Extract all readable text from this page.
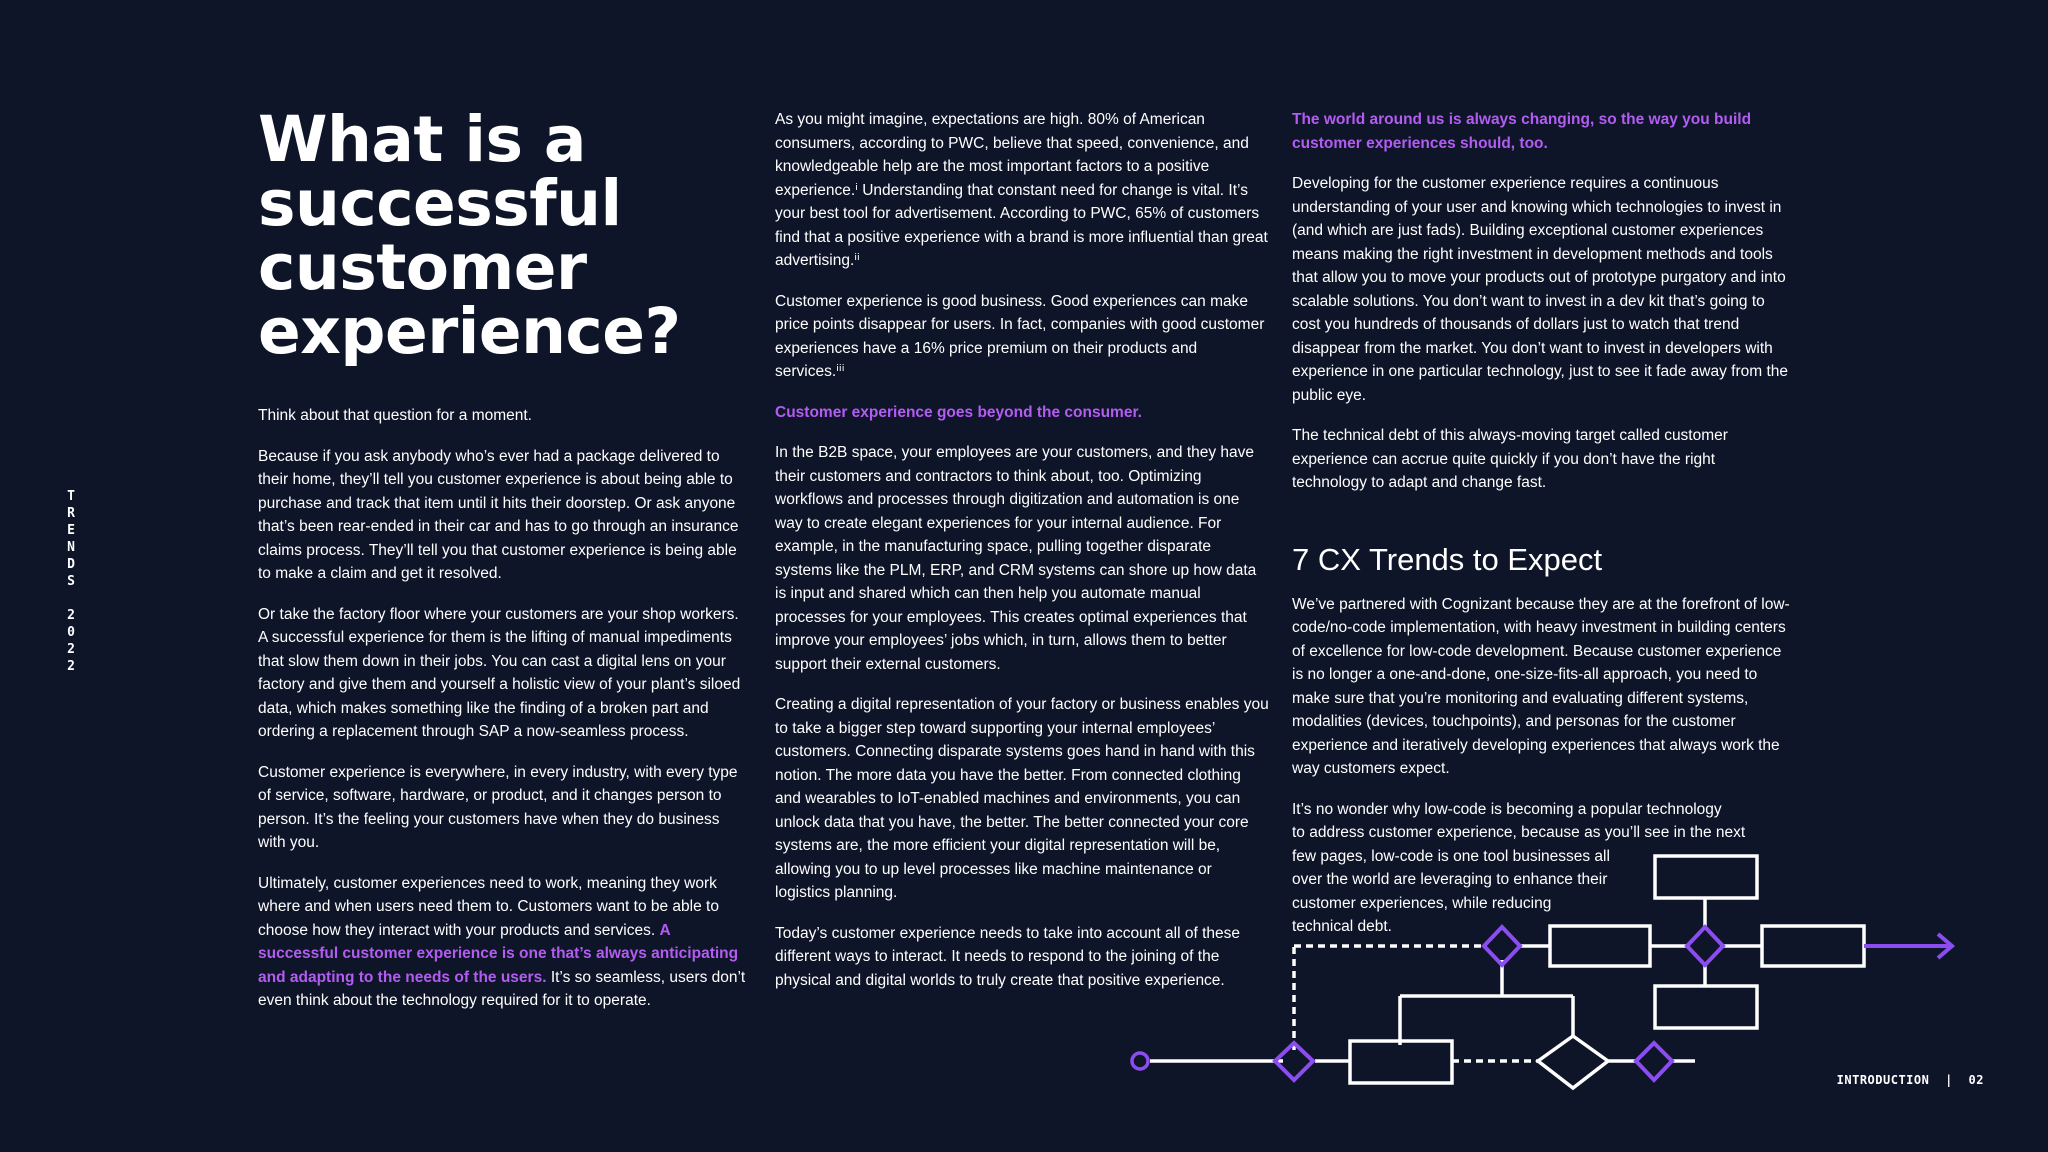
T
R
E
N
D
S
2
0
2
2
What is a successful customer experience?

Think about that question for a moment.

Because if you ask anybody who’s ever had a package delivered to their home, they’ll tell you customer experience is about being able to purchase and track that item until it hits their doorstep. Or ask anyone that’s been rear-ended in their car and has to go through an insurance claims process. They’ll tell you that customer experience is being able to make a claim and get it resolved.

Or take the factory floor where your customers are your shop workers. A successful experience for them is the lifting of manual impediments that slow them down in their jobs. You can cast a digital lens on your factory and give them and yourself a holistic view of your plant’s siloed data, which makes something like the finding of a broken part and ordering a replacement through SAP a now-seamless process.

Customer experience is everywhere, in every industry, with every type of service, software, hardware, or product, and it changes person to person. It’s the feeling your customers have when they do business with you.

Ultimately, customer experiences need to work, meaning they work where and when users need them to. Customers want to be able to choose how they interact with your products and services. A successful customer experience is one that’s always anticipating and adapting to the needs of the users. It’s so seamless, users don’t even think about the technology required for it to operate.

As you might imagine, expectations are high. 80% of American consumers, according to PWC, believe that speed, convenience, and knowledgeable help are the most important factors to a positive experience.ⁱ Understanding that constant need for change is vital. It’s your best tool for advertisement. According to PWC, 65% of customers find that a positive experience with a brand is more influential than great advertising.ⁱⁱ

Customer experience is good business. Good experiences can make price points disappear for users. In fact, companies with good customer experiences have a 16% price premium on their products and services.ⁱⁱⁱ

Customer experience goes beyond the consumer.

In the B2B space, your employees are your customers, and they have their customers and contractors to think about, too. Optimizing workflows and processes through digitization and automation is one way to create elegant experiences for your internal audience. For example, in the manufacturing space, pulling together disparate systems like the PLM, ERP, and CRM systems can shore up how data is input and shared which can then help you automate manual processes for your employees. This creates optimal experiences that improve your employees’ jobs which, in turn, allows them to better support their external customers.

Creating a digital representation of your factory or business enables you to take a bigger step toward supporting your internal employees’ customers. Connecting disparate systems goes hand in hand with this notion. The more data you have the better. From connected clothing and wearables to IoT-enabled machines and environments, you can unlock data that you have, the better. The better connected your core systems are, the more efficient your digital representation will be, allowing you to up level processes like machine maintenance or logistics planning.

Today’s customer experience needs to take into account all of these different ways to interact. It needs to respond to the joining of the physical and digital worlds to truly create that positive experience.

The world around us is always changing, so the way you build customer experiences should, too.

Developing for the customer experience requires a continuous understanding of your user and knowing which technologies to invest in (and which are just fads). Building exceptional customer experiences means making the right investment in development methods and tools that allow you to move your products out of prototype purgatory and into scalable solutions. You don’t want to invest in a dev kit that’s going to cost you hundreds of thousands of dollars just to watch that trend disappear from the market. You don’t want to invest in developers with experience in one particular technology, just to see it fade away from the public eye.

The technical debt of this always-moving target called customer experience can accrue quite quickly if you don’t have the right technology to adapt and change fast.

7 CX Trends to Expect

We’ve partnered with Cognizant because they are at the forefront of low-code/no-code implementation, with heavy investment in building centers of excellence for low-code development. Because customer experience is no longer a one-and-done, one-size-fits-all approach, you need to make sure that you’re monitoring and evaluating different systems, modalities (devices, touchpoints), and personas for the customer experience and iteratively developing experiences that always work the way customers expect.

It’s no wonder why low-code is becoming a popular technology
to address customer experience, because as you’ll see in the next
few pages, low-code is one tool businesses all
over the world are leveraging to enhance their
customer experiences, while reducing
technical debt.

INTRODUCTION | 02
